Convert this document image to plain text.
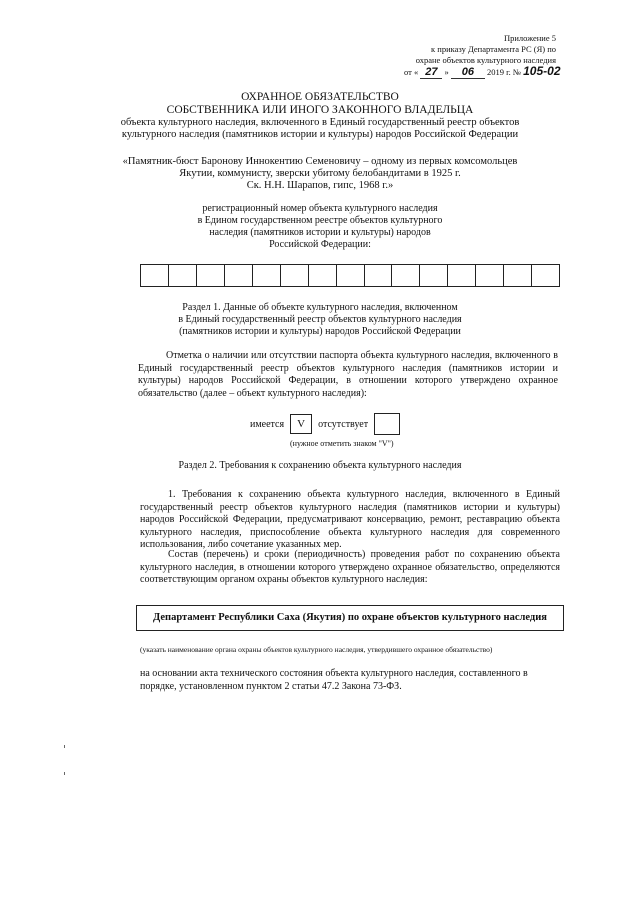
Приложение 5
к приказу Департамента РС (Я) по
охране объектов культурного наследия
от « 27 » 06 2019 г. № 105-02
ОХРАННОЕ ОБЯЗАТЕЛЬСТВО
СОБСТВЕННИКА ИЛИ ИНОГО ЗАКОННОГО ВЛАДЕЛЬЦА
объекта культурного наследия, включенного в Единый государственный реестр объектов
культурного наследия (памятников истории и культуры) народов Российской Федерации
«Памятник-бюст Баронову Иннокентию Семеновичу – одному из первых комсомольцев
Якутии, коммунисту, зверски убитому белобандитами в 1925 г.
Ск. Н.Н. Шарапов, гипс, 1968 г.»
регистрационный номер объекта культурного наследия
в Едином государственном реестре объектов культурного
наследия (памятников истории и культуры) народов
Российской Федерации:
Раздел 1. Данные об объекте культурного наследия, включенном
в Единый государственный реестр объектов культурного наследия
(памятников истории и культуры) народов Российской Федерации
Отметка о наличии или отсутствии паспорта объекта культурного наследия, включенного в Единый государственный реестр объектов культурного наследия (памятников истории и культуры) народов Российской Федерации, в отношении которого утверждено охранное обязательство (далее – объект культурного наследия):
имеется	V	отсутствует
(нужное отметить знаком "V")
Раздел 2. Требования к сохранению объекта культурного наследия
1. Требования к сохранению объекта культурного наследия, включенного в Единый государственный реестр объектов культурного наследия (памятников истории и культуры) народов Российской Федерации, предусматривают консервацию, ремонт, реставрацию объекта культурного наследия, приспособление объекта культурного наследия для современного использования, либо сочетание указанных мер.
Состав (перечень) и сроки (периодичность) проведения работ по сохранению объекта культурного наследия, в отношении которого утверждено охранное обязательство, определяются соответствующим органом охраны объектов культурного наследия:
Департамент Республики Саха (Якутия) по охране объектов культурного наследия
(указать наименование органа охраны объектов культурного наследия, утвердившего охранное обязательство)
на основании акта технического состояния объекта культурного наследия, составленного в порядке, установленном пунктом 2 статьи 47.2 Закона 73-ФЗ.
